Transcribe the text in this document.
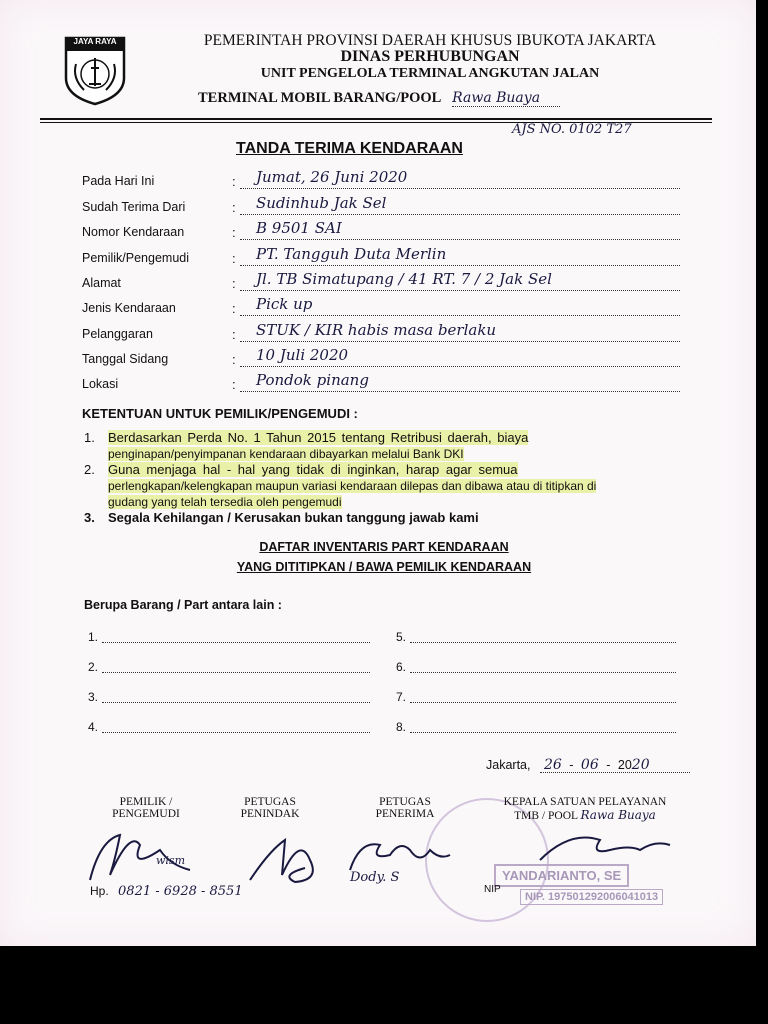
JAYA RAYA	PEMERINTAH PROVINSI DAERAH KHUSUS IBUKOTA JAKARTA
DINAS PERHUBUNGAN
UNIT PENGELOLA TERMINAL ANGKUTAN JALAN
TERMINAL MOBIL BARANG/POOL Rawa Buaya
AJS NO. 0102 T27
TANDA TERIMA KENDARAAN
Pada Hari Ini	: Jumat, 26 Juni 2020
Sudah Terima Dari	: Sudinhub Jak Sel
Nomor Kendaraan	: B 9501 SAI
Pemilik/Pengemudi	: PT. Tangguh Duta Merlin
Alamat	: Jl. TB Simatupang / 41 RT. 7 / 2 Jak Sel
Jenis Kendaraan	: Pick up
Pelanggaran	: STUK / KIR habis masa berlaku
Tanggal Sidang	: 10 Juli 2020
Lokasi	: Pondok pinang
KETENTUAN UNTUK PEMILIK/PENGEMUDI :
1. Berdasarkan Perda No. 1 Tahun 2015 tentang Retribusi daerah, biaya
penginapan/penyimpanan kendaraan dibayarkan melalui Bank DKI
2. Guna menjaga hal - hal yang tidak di inginkan, harap agar semua
perlengkapan/kelengkapan maupun variasi kendaraan dilepas dan dibawa atau di titipkan di
gudang yang telah tersedia oleh pengemudi
3. Segala Kehilangan / Kerusakan bukan tanggung jawab kami
DAFTAR INVENTARIS PART KENDARAAN
YANG DITITIPKAN / BAWA PEMILIK KENDARAAN
Berupa Barang / Part antara lain :
1.	5.
2.	6.
3.	7.
4.	8.
Jakarta, 26 - 06 - 2020
YANDARIANTO, SE
NIP. 197501292006041013
PEMILIK /
PENGEMUDI
PETUGAS
PENINDAK
PETUGAS
PENERIMA
KEPALA SATUAN PELAYANAN
TMB / POOL Rawa Buaya
wism
Dody. S
Hp. 0821 - 6928 - 8551	NIP
